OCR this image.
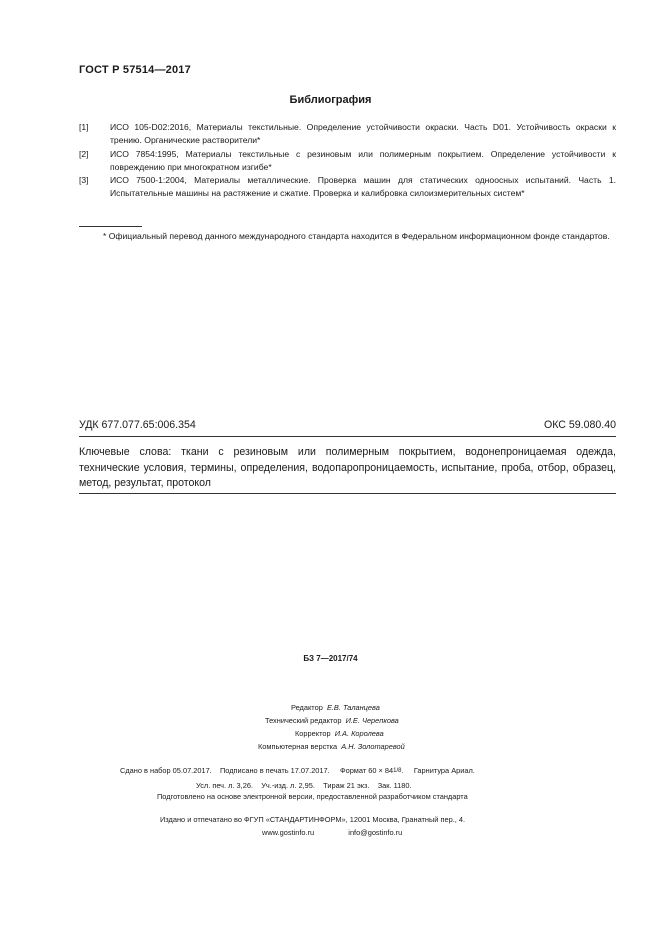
ГОСТ Р 57514—2017
Библиография
[1] ИСО 105-D02:2016, Материалы текстильные. Определение устойчивости окраски. Часть D01. Устойчивость окраски к трению. Органические растворители*
[2] ИСО 7854:1995, Материалы текстильные с резиновым или полимерным покрытием. Определение устойчивости к повреждению при многократном изгибе*
[3] ИСО 7500-1:2004, Материалы металлические. Проверка машин для статических одноосных испытаний. Часть 1. Испытательные машины на растяжение и сжатие. Проверка и калибровка силоизмерительных систем*
* Официальный перевод данного международного стандарта находится в Федеральном информационном фонде стандартов.
УДК 677.077.65:006.354	ОКС 59.080.40
Ключевые слова: ткани с резиновым или полимерным покрытием, водонепроницаемая одежда, технические условия, термины, определения, водопаропроницаемость, испытание, проба, отбор, образец, метод, результат, протокол
БЗ 7—2017/74
Редактор Е.В. Таланцева
Технический редактор И.Е. Черепкова
Корректор И.А. Королева
Компьютерная верстка А.Н. Золотаревой
Сдано в набор 05.07.2017. Подписано в печать 17.07.2017. Формат 60 × 841/8.     Гарнитура Ариал.
Усл. печ. л. 3,26. Уч.-изд. л. 2,95. Тираж 21 экз. Зак. 1180.
Подготовлено на основе электронной версии, предоставленной разработчиком стандарта
Издано и отпечатано во ФГУП «СТАНДАРТИНФОРМ», 12001 Москва, Гранатный пер., 4.
www.gostinfo.ru	info@gostinfo.ru
